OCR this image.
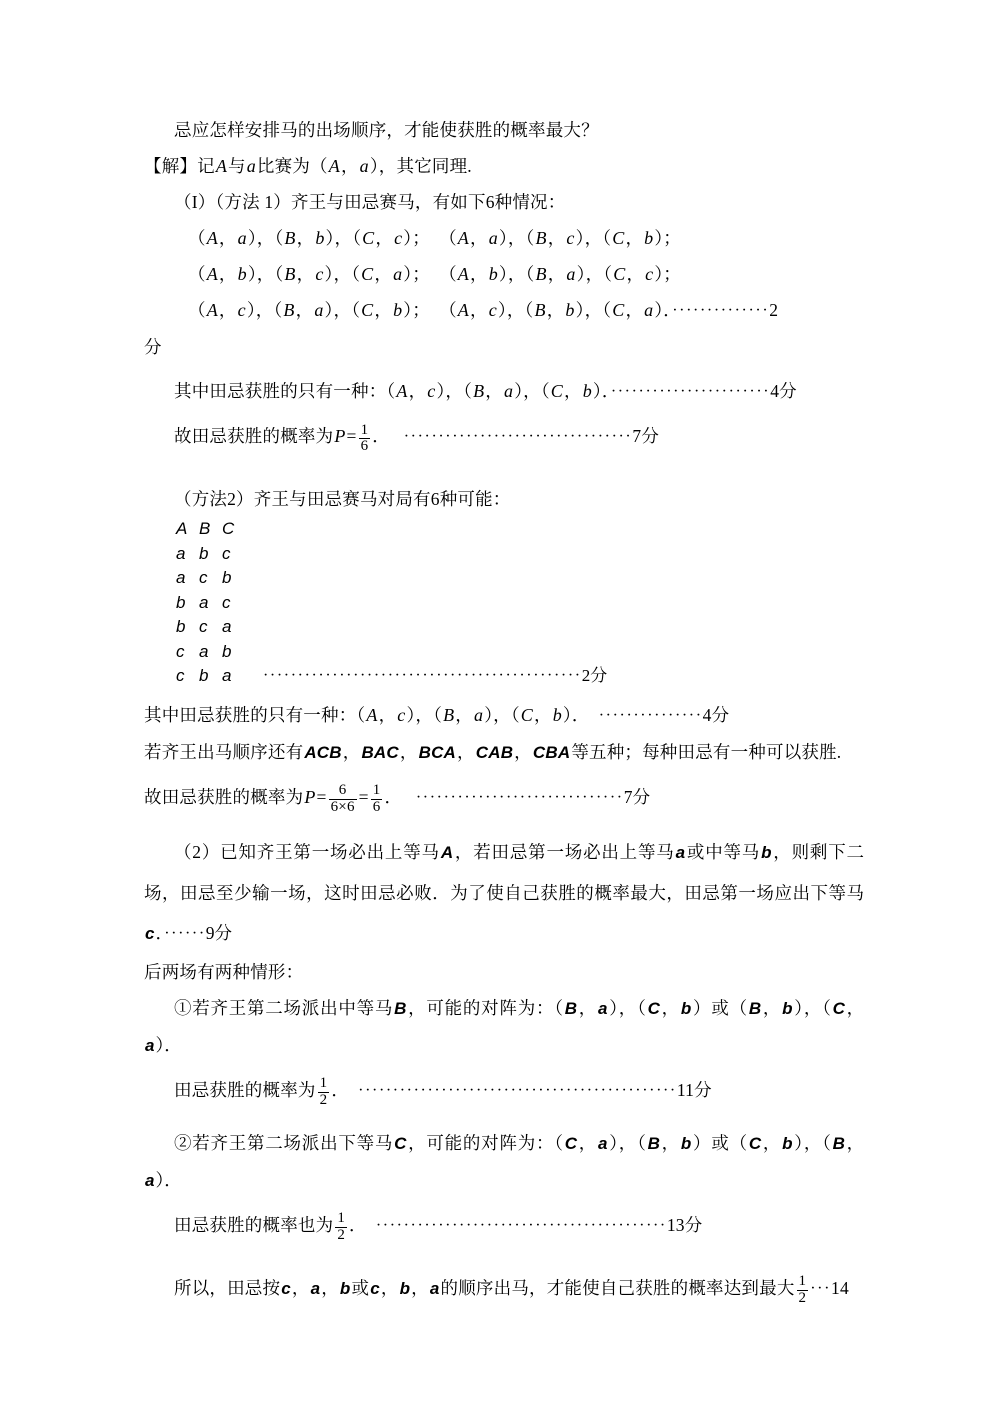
忌应怎样安排马的出场顺序，才能使获胜的概率最大？
【解】记A与a比赛为（A，a），其它同理.
（I）（方法 1）齐王与田忌赛马，有如下6种情况：
（A，a），（B，b），（C，c）；  （A，a），（B，c），（C，b）；
（A，b），（B，c），（C，a）；  （A，b），（B，a），（C，c）；
（A，c），（B，a），（C，b）；  （A，c），（B，b），（C，a）．··············2
分
其中田忌获胜的只有一种：（A，c），（B，a），（C，b）．·······················4分
故田忌获胜的概率为$P= \frac{1}{6}$ ． ·································7分
（方法2）齐王与田忌赛马对局有6种可能：
A B C
a b c
a c b
b a c
b c a
c a b
c b a ··············································2分
其中田忌获胜的只有一种：（A，c），（B，a），（C，b）． ···············4分
若齐王出马顺序还有ACB，BAC，BCA，CAB，CBA等五种；每种田忌有一种可以获胜.
故田忌获胜的概率为$P= \frac{6}{6\times 6} = \frac{1}{6}$ ． ······························7分
（2）已知齐王第一场必出上等马A，若田忌第一场必出上等马a或中等马b，则剩下二场，田忌至少输一场，这时田忌必败．为了使自己获胜的概率最大，田忌第一场应出下等马c．······9分
后两场有两种情形：
①若齐王第二场派出中等马B，可能的对阵为：（B，a），（C，b）或（B，b），（C，a）．
田忌获胜的概率为 $\frac{1}{2}$ ． ··············································11分
②若齐王第二场派出下等马C，可能的对阵为：（C，a），（B，b）或（C，b），（B，a）．
田忌获胜的概率也为 $\frac{1}{2}$ ． ··········································13分
所以，田忌按c，a，b或c，b，a的顺序出马，才能使自己获胜的概率达到最大 $\frac{1}{2} \cdot\cdot\cdot 14$
